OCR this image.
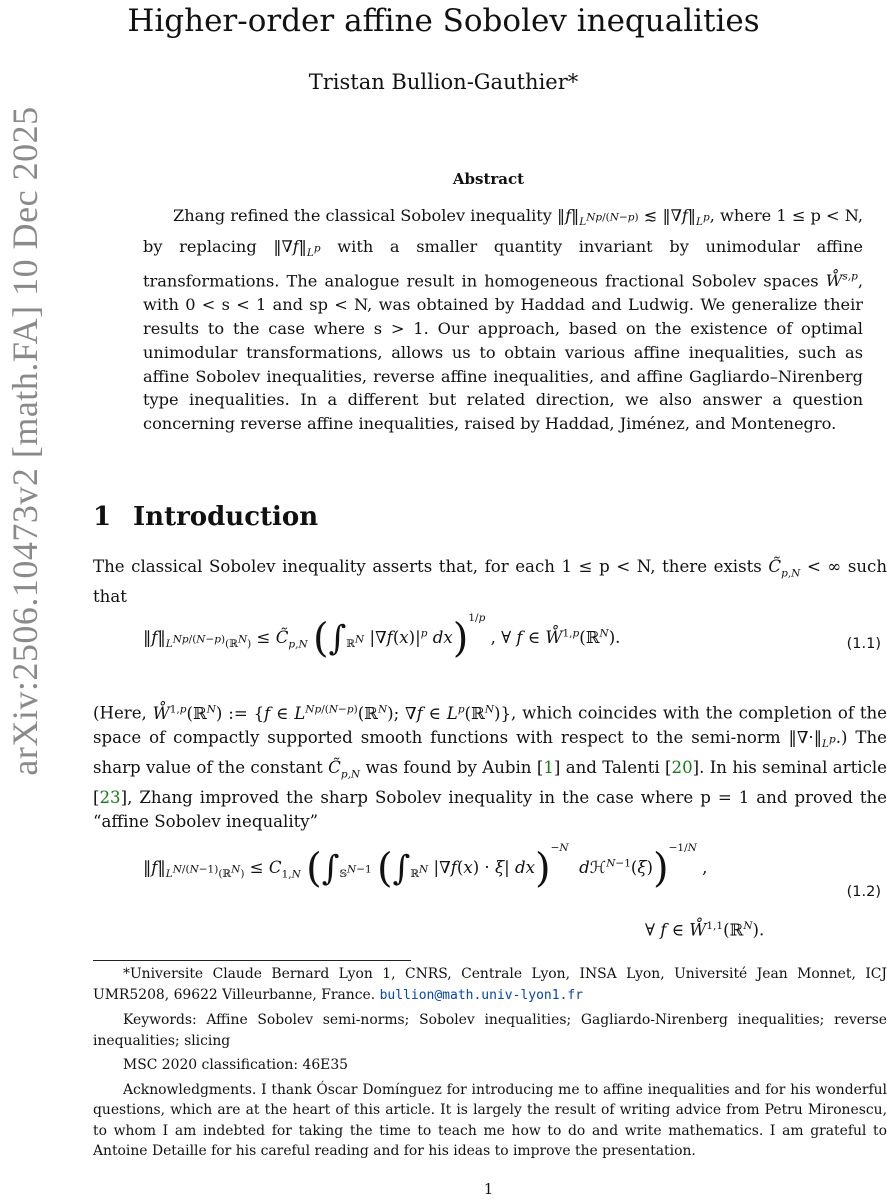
Higher-order affine Sobolev inequalities
Tristan Bullion-Gauthier*
arXiv:2506.10473v2 [math.FA] 10 Dec 2025	Abstract

Zhang refined the classical Sobolev inequality $‖f‖_{L^{Np/(N-p)}}$ ≲ $‖\nabla f‖_{L^p}$, where 1 ≤ p < N, by replacing $‖\nabla f‖_{L^p}$ with a smaller quantity invariant by unimodular affine transformations. The analogue result in homogeneous fractional Sobolev spaces W̊$^{s,p}$, with 0 < s < 1 and sp < N, was obtained by Haddad and Ludwig. We generalize their results to the case where s > 1. Our approach, based on the existence of optimal unimodular transformations, allows us to obtain various affine inequalities, such as affine Sobolev inequalities, reverse affine inequalities, and affine Gagliardo–Nirenberg type inequalities. In a different but related direction, we also answer a question concerning reverse affine inequalities, raised by Haddad, Jiménez, and Montenegro.

1 Introduction

The classical Sobolev inequality asserts that, for each 1 ≤ p < N, there exists $C̃_{p,N}$ < ∞ such that

$‖f‖_{L^{Np/(N-p)}(ℝ^N)}$ ≤ $C̃_{p,N}$ ($\int_{ℝ^N}$ $|\nabla f(x)|^p$ dx)$^{1/p}$ , ∀ f ∈ W̊$^{1,p}$(ℝ$^N$).	(1.1)

(Here, W̊$^{1,p}$(ℝ$^N$) := {f ∈ $L^{Np/(N-p)}(ℝ^N)$; ∇f ∈ $L^p(ℝ^N)$}, which coincides with the completion of the space of compactly supported smooth functions with respect to the semi-norm $‖\nabla\cdot‖_{L^p}$.) The sharp value of the constant $C̃_{p,N}$ was found by Aubin [1] and Talenti [20]. In his seminal article [23], Zhang improved the sharp Sobolev inequality in the case where p = 1 and proved the “affine Sobolev inequality”

$‖f‖_{L^{N/(N-1)}(ℝ^N)} \le C_{1,N}$ ($\int_{𝕊^{N-1}}$ ($\int_{ℝ^N}$ |∇f(x) · ξ| dx)$^{-N}$  dℋ$^{N-1}$(ξ))$^{-1/N}$ ,
∀ f ∈ W̊$^{1,1}$(ℝ$^N$).
(1.2)

*Universite Claude Bernard Lyon 1, CNRS, Centrale Lyon, INSA Lyon, Université Jean Monnet, ICJ UMR5208, 69622 Villeurbanne, France. bullion@math.univ-lyon1.fr

Keywords: Affine Sobolev semi-norms; Sobolev inequalities; Gagliardo-Nirenberg inequalities; reverse inequalities; slicing

MSC 2020 classification: 46E35

Acknowledgments. I thank Óscar Domínguez for introducing me to affine inequalities and for his wonderful questions, which are at the heart of this article. It is largely the result of writing advice from Petru Mironescu, to whom I am indebted for taking the time to teach me how to do and write mathematics. I am grateful to Antoine Detaille for his careful reading and for his ideas to improve the presentation.

1
